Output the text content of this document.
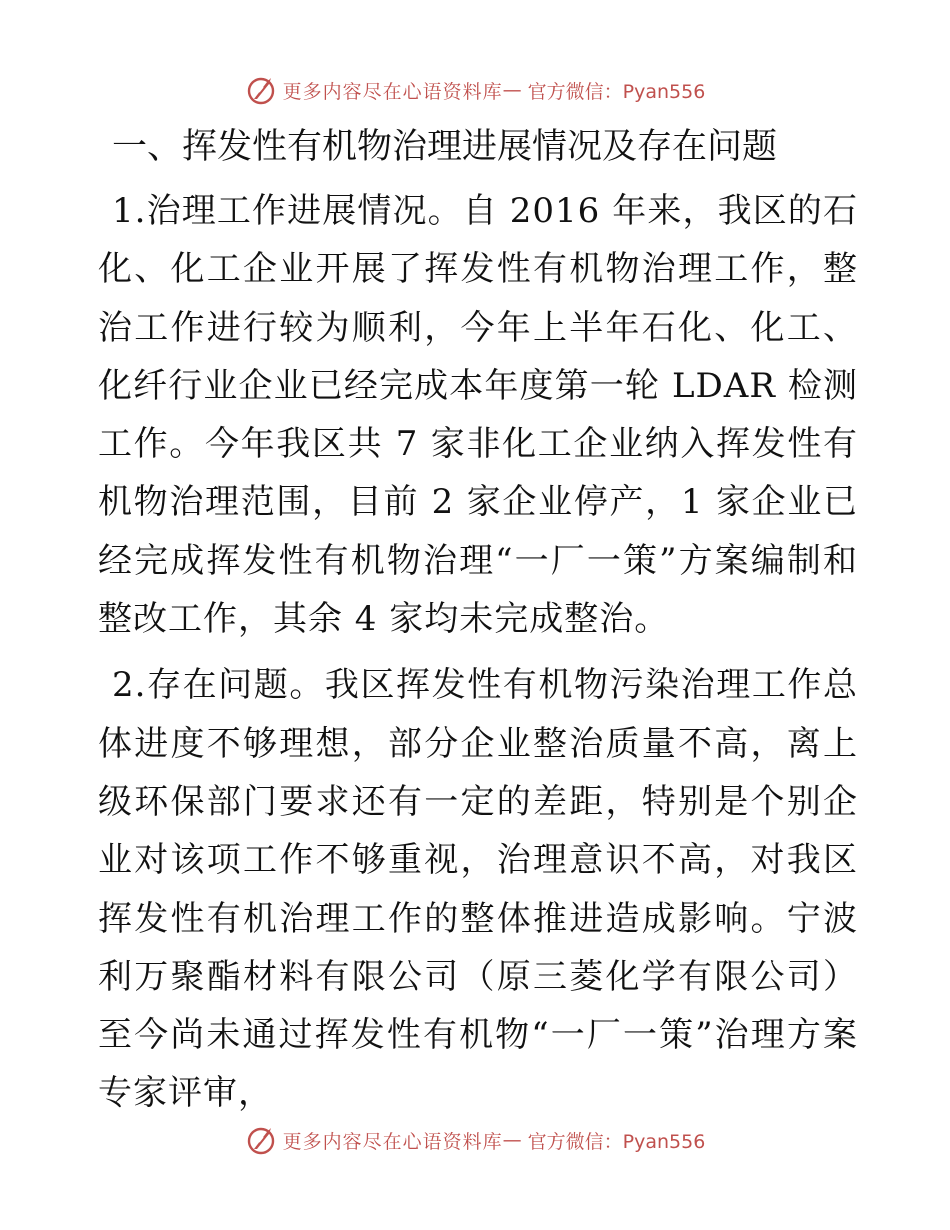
更多内容尽在心语资料库 — 官方微信：Pyan556
一、挥发性有机物治理进展情况及存在问题

1.治理工作进展情况。自 2016 年来，我区的石化、化工企业开展了挥发性有机物治理工作，整治工作进行较为顺利，今年上半年石化、化工、化纤行业企业已经完成本年度第一轮 LDAR 检测工作。今年我区共 7 家非化工企业纳入挥发性有机物治理范围，目前 2 家企业停产，1 家企业已经完成挥发性有机物治理“一厂一策”方案编制和整改工作，其余 4 家均未完成整治。

2.存在问题。我区挥发性有机物污染治理工作总体进度不够理想，部分企业整治质量不高，离上级环保部门要求还有一定的差距，特别是个别企业对该项工作不够重视，治理意识不高，对我区挥发性有机治理工作的整体推进造成影响。宁波利万聚酯材料有限公司（原三菱化学有限公司）至今尚未通过挥发性有机物“一厂一策”治理方案专家评审，

更多内容尽在心语资料库 — 官方微信：Pyan556
